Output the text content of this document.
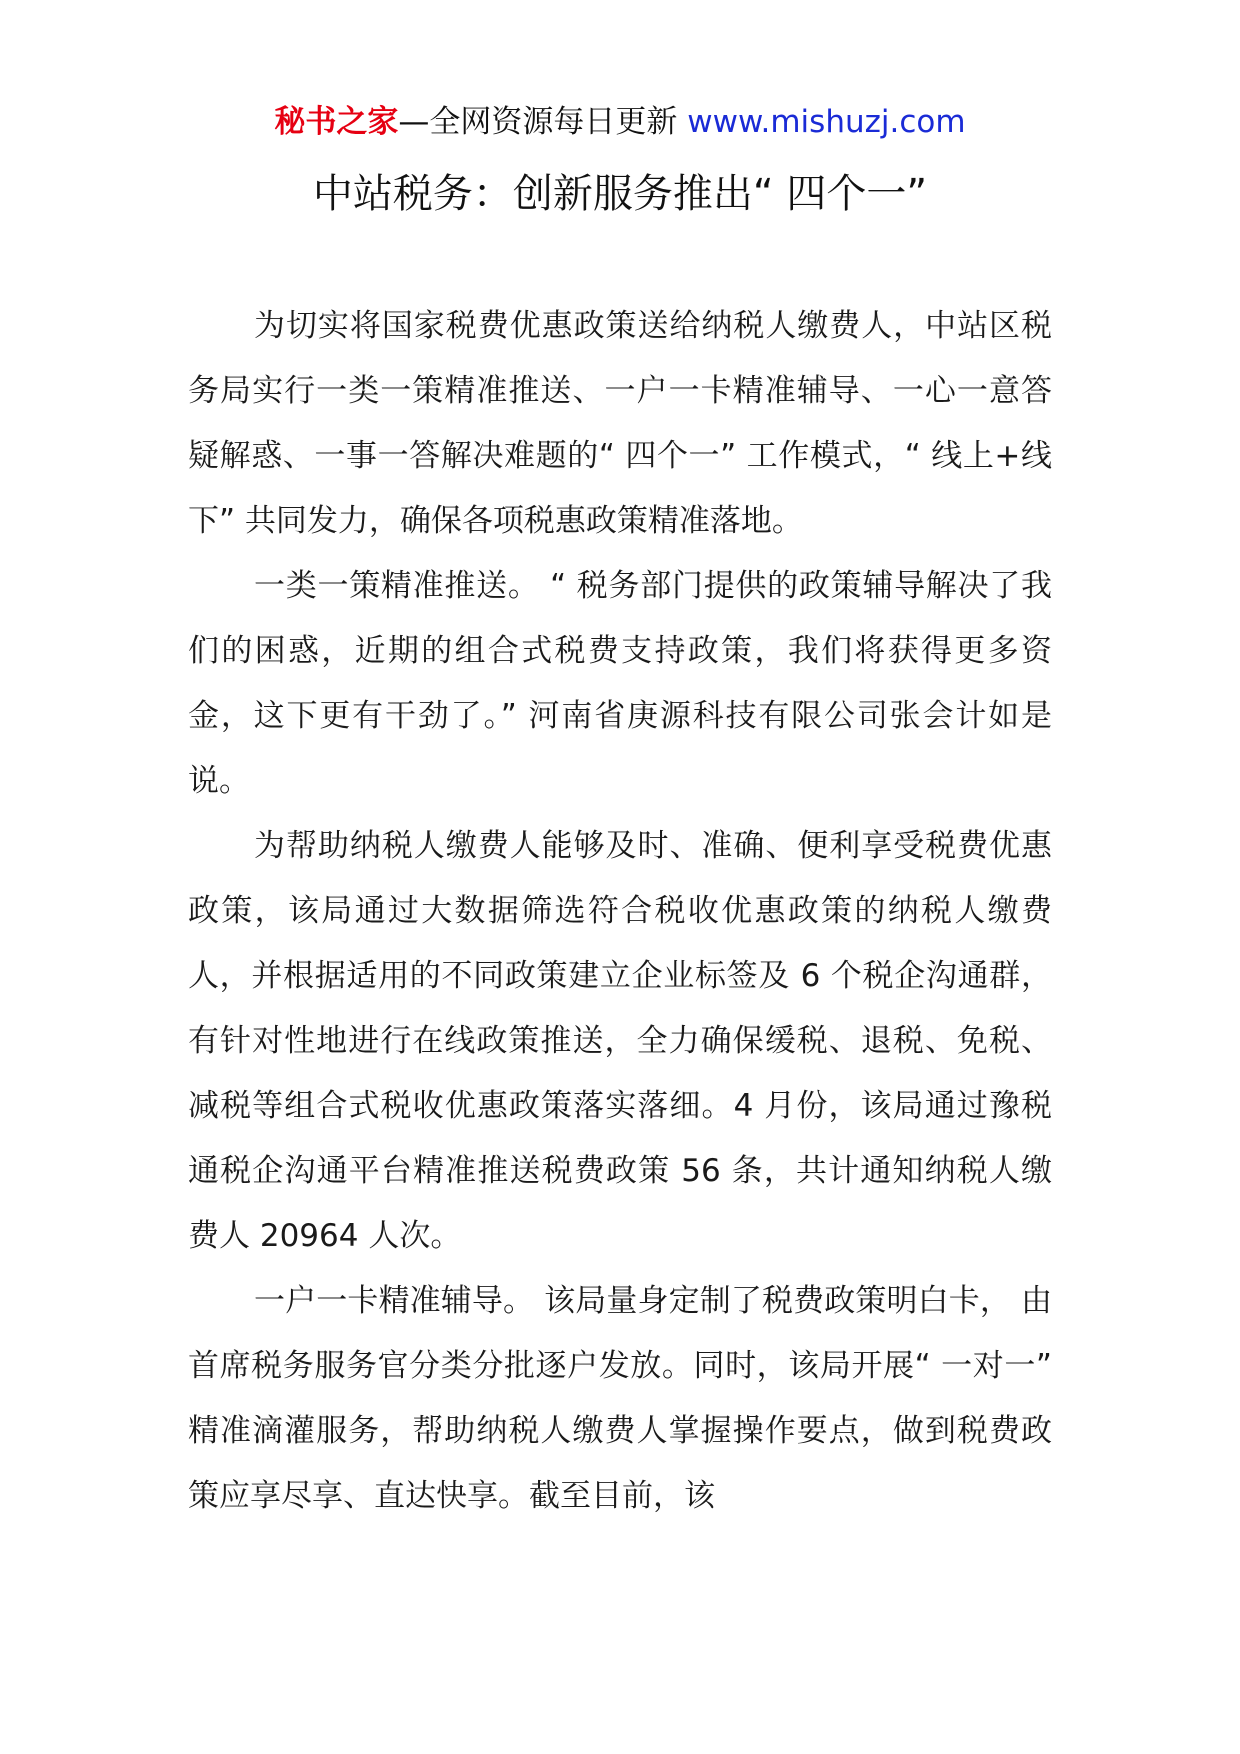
秘书之家—全网资源每日更新 www.mishuzj.com
中站税务：创新服务推出“ 四个一”

为切实将国家税费优惠政策送给纳税人缴费人，中站区税务局实行一类一策精准推送、一户一卡精准辅导、一心一意答疑解惑、一事一答解决难题的“ 四个一” 工作模式，“ 线上+线下” 共同发力，确保各项税惠政策精准落地。

一类一策精准推送。 “ 税务部门提供的政策辅导解决了我们的困惑，近期的组合式税费支持政策，我们将获得更多资金，这下更有干劲了。” 河南省庚源科技有限公司张会计如是说。

为帮助纳税人缴费人能够及时、准确、便利享受税费优惠政策，该局通过大数据筛选符合税收优惠政策的纳税人缴费人，并根据适用的不同政策建立企业标签及 6 个税企沟通群，有针对性地进行在线政策推送，全力确保缓税、退税、免税、减税等组合式税收优惠政策落实落细。4 月份，该局通过豫税通税企沟通平台精准推送税费政策 56 条，共计通知纳税人缴费人 20964 人次。

一户一卡精准辅导。 该局量身定制了税费政策明白卡， 由首席税务服务官分类分批逐户发放。同时，该局开展“ 一对一” 精准滴灌服务，帮助纳税人缴费人掌握操作要点，做到税费政策应享尽享、直达快享。截至目前，该
